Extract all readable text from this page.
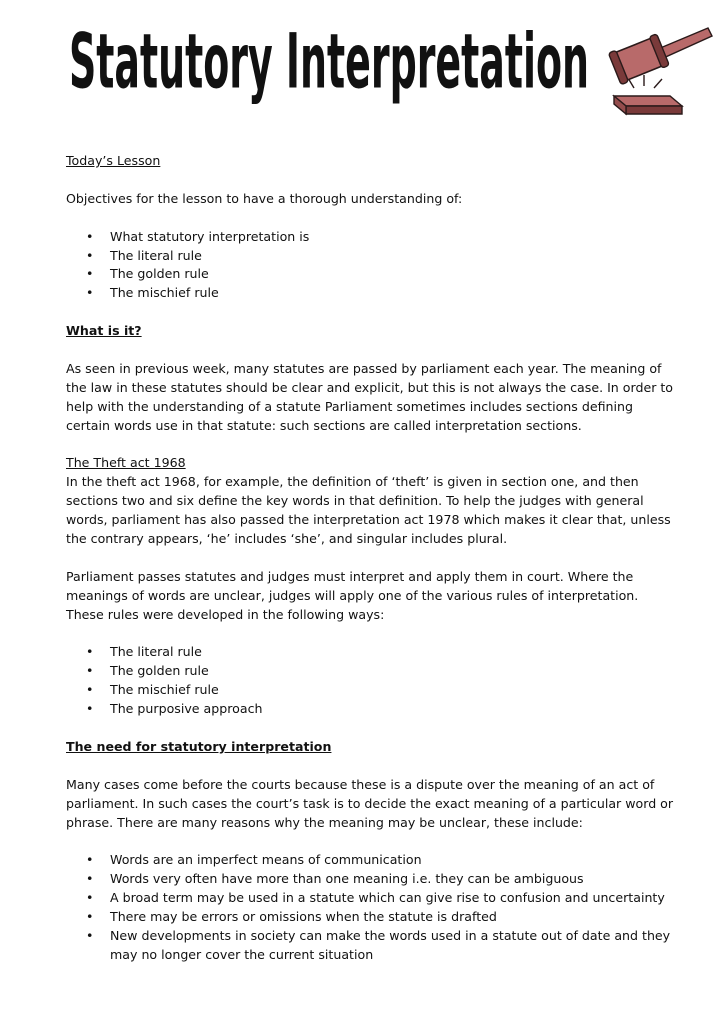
Statutory Interpretation

Today’s Lesson

Objectives for the lesson to have a thorough understanding of:

• What statutory interpretation is
• The literal rule
• The golden rule
• The mischief rule

What is it?

As seen in previous week, many statutes are passed by parliament each year. The meaning of the law in these statutes should be clear and explicit, but this is not always the case. In order to help with the understanding of a statute Parliament sometimes includes sections defining certain words use in that statute: such sections are called interpretation sections.

The Theft act 1968
In the theft act 1968, for example, the definition of ‘theft’ is given in section one, and then sections two and six define the key words in that definition. To help the judges with general words, parliament has also passed the interpretation act 1978 which makes it clear that, unless the contrary appears, ‘he’ includes ‘she’, and singular includes plural.

Parliament passes statutes and judges must interpret and apply them in court. Where the meanings of words are unclear, judges will apply one of the various rules of interpretation. These rules were developed in the following ways:

• The literal rule
• The golden rule
• The mischief rule
• The purposive approach

The need for statutory interpretation

Many cases come before the courts because these is a dispute over the meaning of an act of parliament. In such cases the court’s task is to decide the exact meaning of a particular word or phrase. There are many reasons why the meaning may be unclear, these include:

• Words are an imperfect means of communication
• Words very often have more than one meaning i.e. they can be ambiguous
• A broad term may be used in a statute which can give rise to confusion and uncertainty
• There may be errors or omissions when the statute is drafted
• New developments in society can make the words used in a statute out of date and they may no longer cover the current situation
